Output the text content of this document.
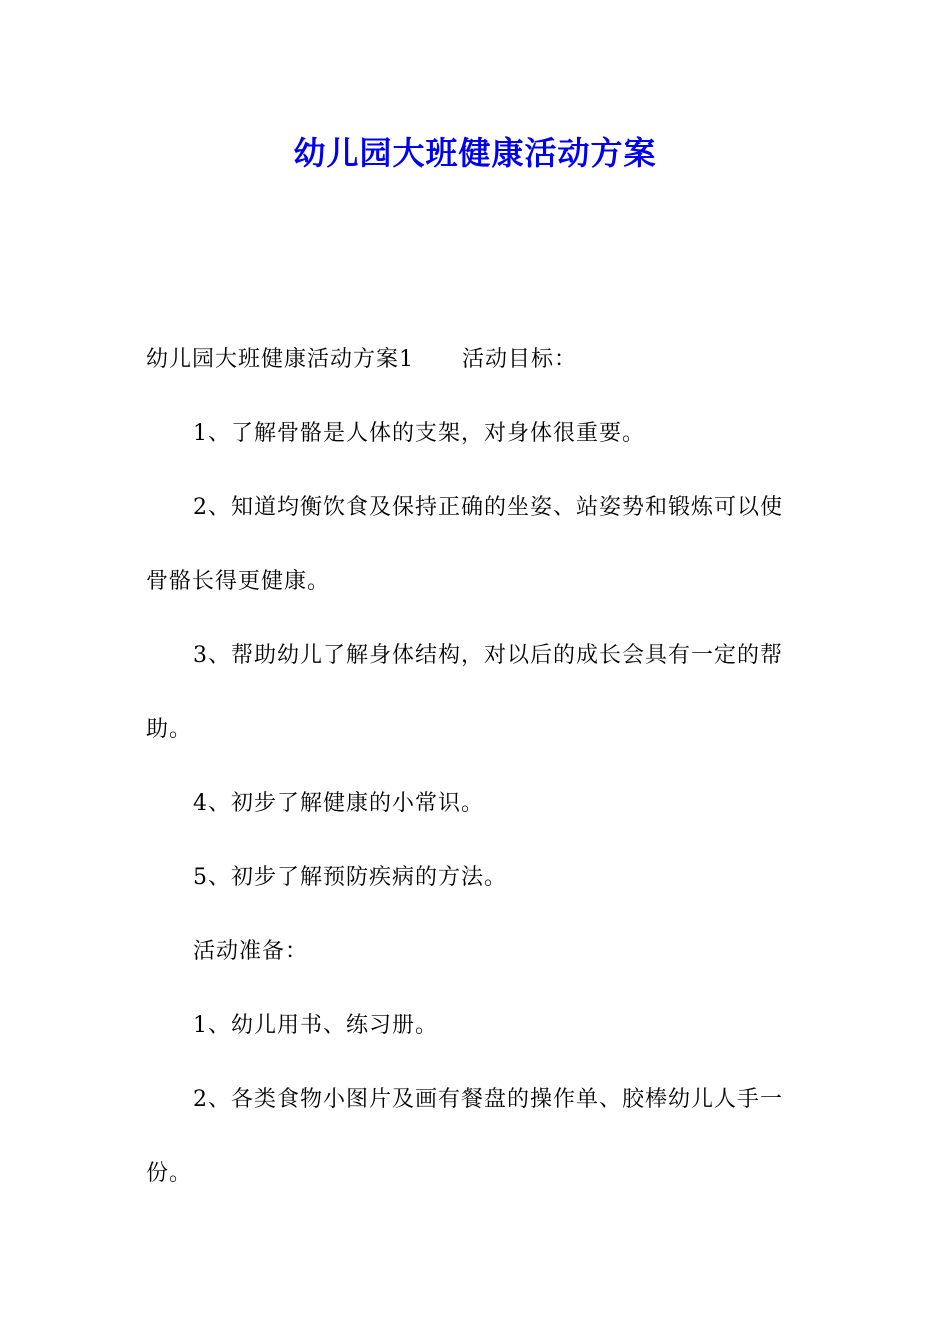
幼儿园大班健康活动方案
幼儿园大班健康活动方案1 活动目标：
1、了解骨骼是人体的支架，对身体很重要。
2、知道均衡饮食及保持正确的坐姿、站姿势和锻炼可以使
骨骼长得更健康。
3、帮助幼儿了解身体结构，对以后的成长会具有一定的帮
助。
4、初步了解健康的小常识。
5、初步了解预防疾病的方法。
活动准备：
1、幼儿用书、练习册。
2、各类食物小图片及画有餐盘的操作单、胶棒幼儿人手一
份。
